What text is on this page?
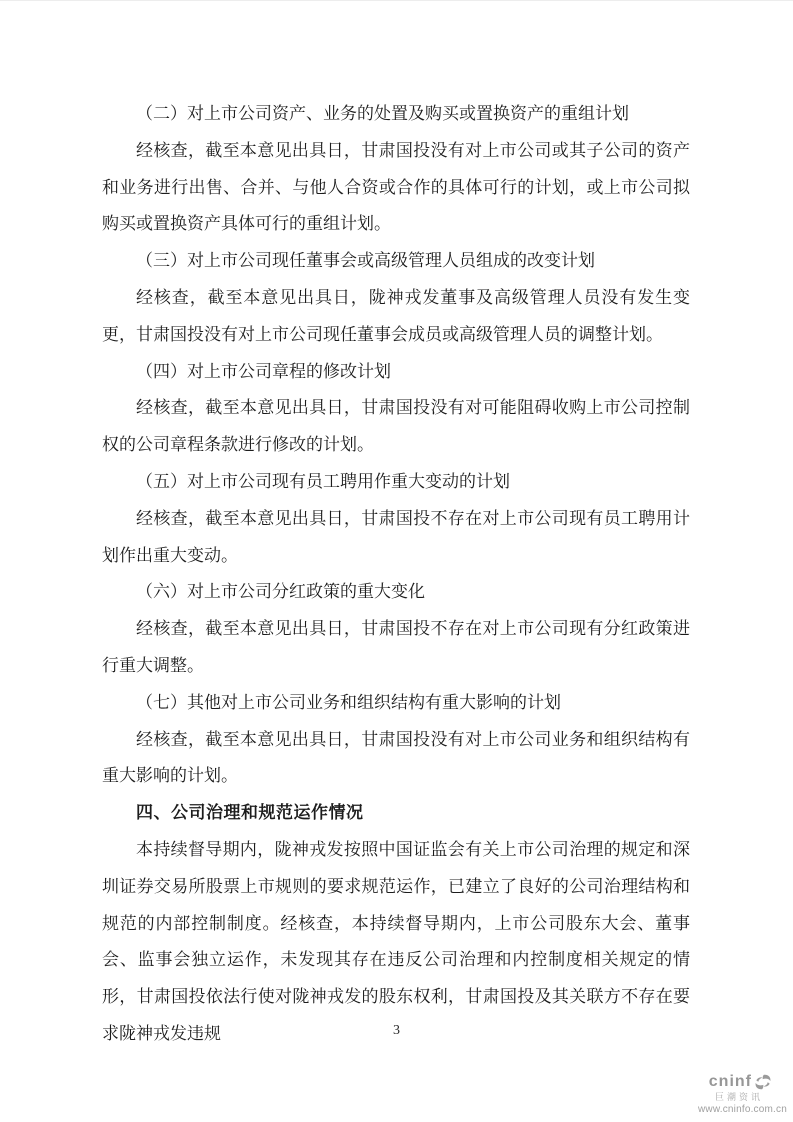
（二）对上市公司资产、业务的处置及购买或置换资产的重组计划

经核查，截至本意见出具日，甘肃国投没有对上市公司或其子公司的资产和业务进行出售、合并、与他人合资或合作的具体可行的计划，或上市公司拟购买或置换资产具体可行的重组计划。

（三）对上市公司现任董事会或高级管理人员组成的改变计划

经核查，截至本意见出具日，陇神戎发董事及高级管理人员没有发生变更，甘肃国投没有对上市公司现任董事会成员或高级管理人员的调整计划。

（四）对上市公司章程的修改计划

经核查，截至本意见出具日，甘肃国投没有对可能阻碍收购上市公司控制权的公司章程条款进行修改的计划。

（五）对上市公司现有员工聘用作重大变动的计划

经核查，截至本意见出具日，甘肃国投不存在对上市公司现有员工聘用计划作出重大变动。

（六）对上市公司分红政策的重大变化

经核查，截至本意见出具日，甘肃国投不存在对上市公司现有分红政策进行重大调整。

（七）其他对上市公司业务和组织结构有重大影响的计划

经核查，截至本意见出具日，甘肃国投没有对上市公司业务和组织结构有重大影响的计划。

四、公司治理和规范运作情况

本持续督导期内，陇神戎发按照中国证监会有关上市公司治理的规定和深圳证券交易所股票上市规则的要求规范运作，已建立了良好的公司治理结构和规范的内部控制制度。经核查，本持续督导期内，上市公司股东大会、董事会、监事会独立运作，未发现其存在违反公司治理和内控制度相关规定的情形，甘肃国投依法行使对陇神戎发的股东权利，甘肃国投及其关联方不存在要求陇神戎发违规	3
cninf
巨潮资讯
www.cninfo.com.cn
